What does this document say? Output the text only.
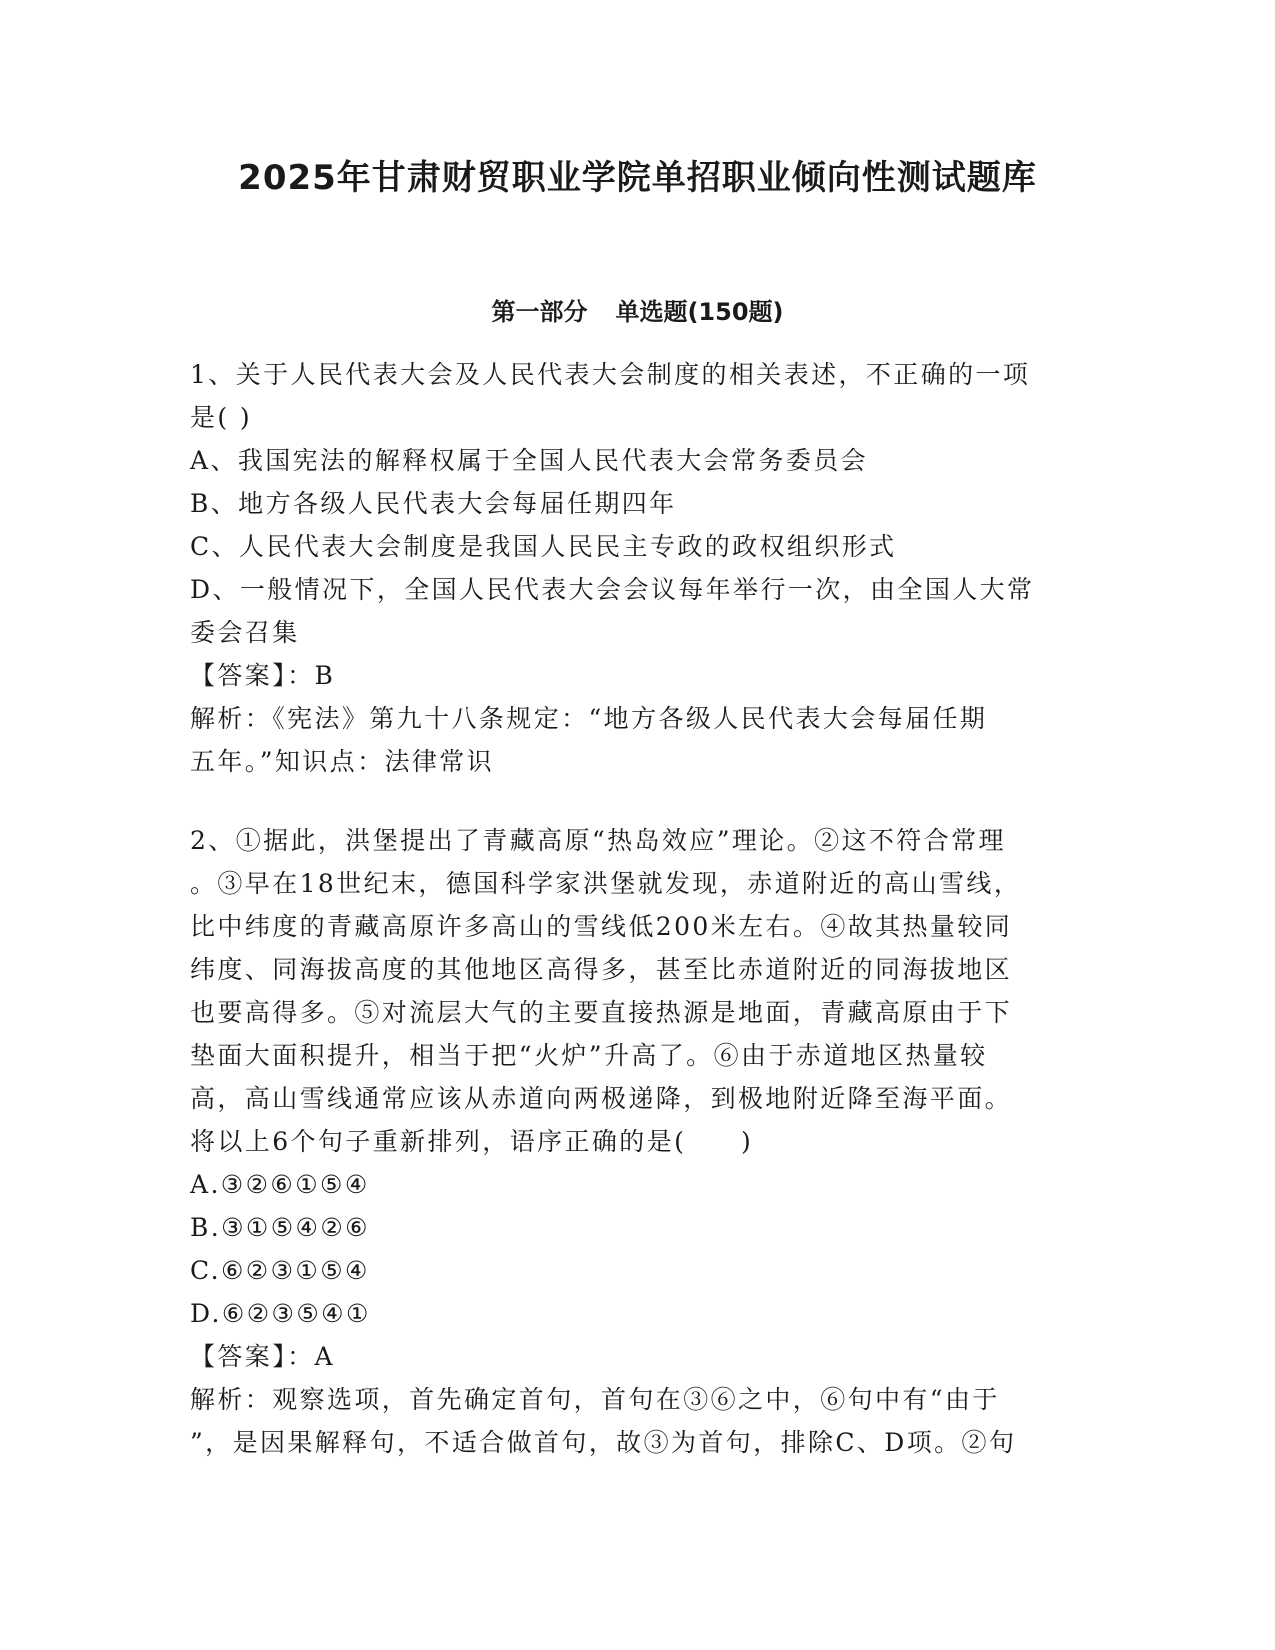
2025年甘肃财贸职业学院单招职业倾向性测试题库
第一部分 单选题(150题)
1、关于人民代表大会及人民代表大会制度的相关表述，不正确的一项
是( )
A、我国宪法的解释权属于全国人民代表大会常务委员会
B、地方各级人民代表大会每届任期四年
C、人民代表大会制度是我国人民民主专政的政权组织形式
D、一般情况下，全国人民代表大会会议每年举行一次，由全国人大常
委会召集
【答案】：B
解析：《宪法》第九十八条规定：“地方各级人民代表大会每届任期
五年。”知识点：法律常识
2、①据此，洪堡提出了青藏高原“热岛效应”理论。②这不符合常理
。③早在18世纪末，德国科学家洪堡就发现，赤道附近的高山雪线，
比中纬度的青藏高原许多高山的雪线低200米左右。④故其热量较同
纬度、同海拔高度的其他地区高得多，甚至比赤道附近的同海拔地区
也要高得多。⑤对流层大气的主要直接热源是地面，青藏高原由于下
垫面大面积提升，相当于把“火炉”升高了。⑥由于赤道地区热量较
高，高山雪线通常应该从赤道向两极递降，到极地附近降至海平面。
将以上6个句子重新排列，语序正确的是(　　)
A.③②⑥①⑤④
B.③①⑤④②⑥
C.⑥②③①⑤④
D.⑥②③⑤④①
【答案】：A
解析：观察选项，首先确定首句，首句在③⑥之中，⑥句中有“由于
”，是因果解释句，不适合做首句，故③为首句，排除C、D项。②句
